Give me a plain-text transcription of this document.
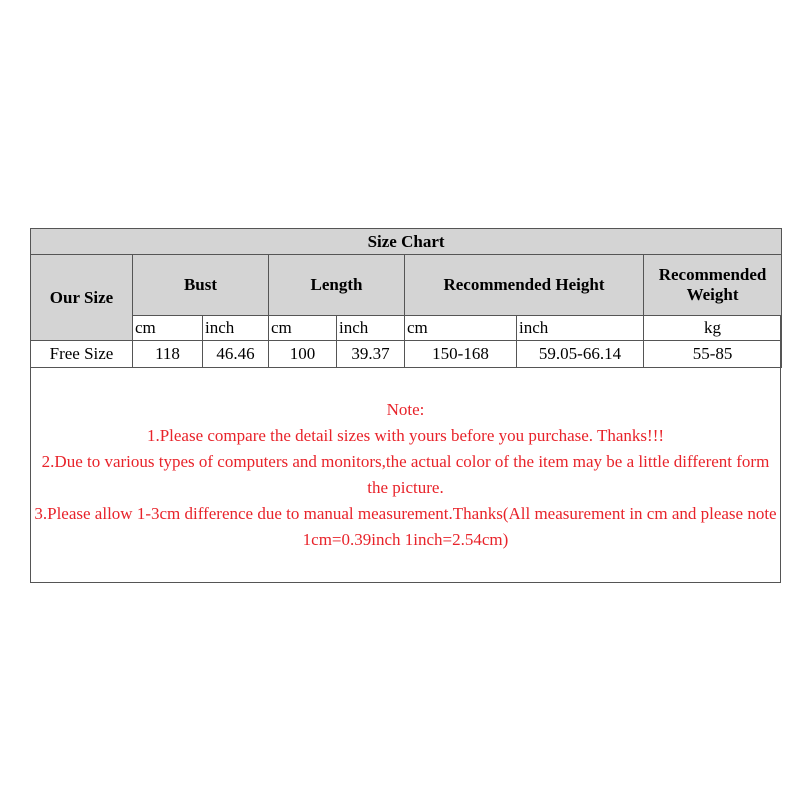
Size Chart							
Our Size	Bust		Length		Recommended Height		Recommended Weight
	cm	inch	cm	inch	cm	inch	kg
Free Size	118	46.46	100	39.37	150-168	59.05-66.14	55-85
Note:
1.Please compare the detail sizes with yours before you purchase. Thanks!!!
2.Due to various types of computers and monitors,the actual color of the item may be a little different form the picture.
3.Please allow 1-3cm difference due to manual measurement.Thanks(All measurement in cm and please note 1cm=0.39inch 1inch=2.54cm)
